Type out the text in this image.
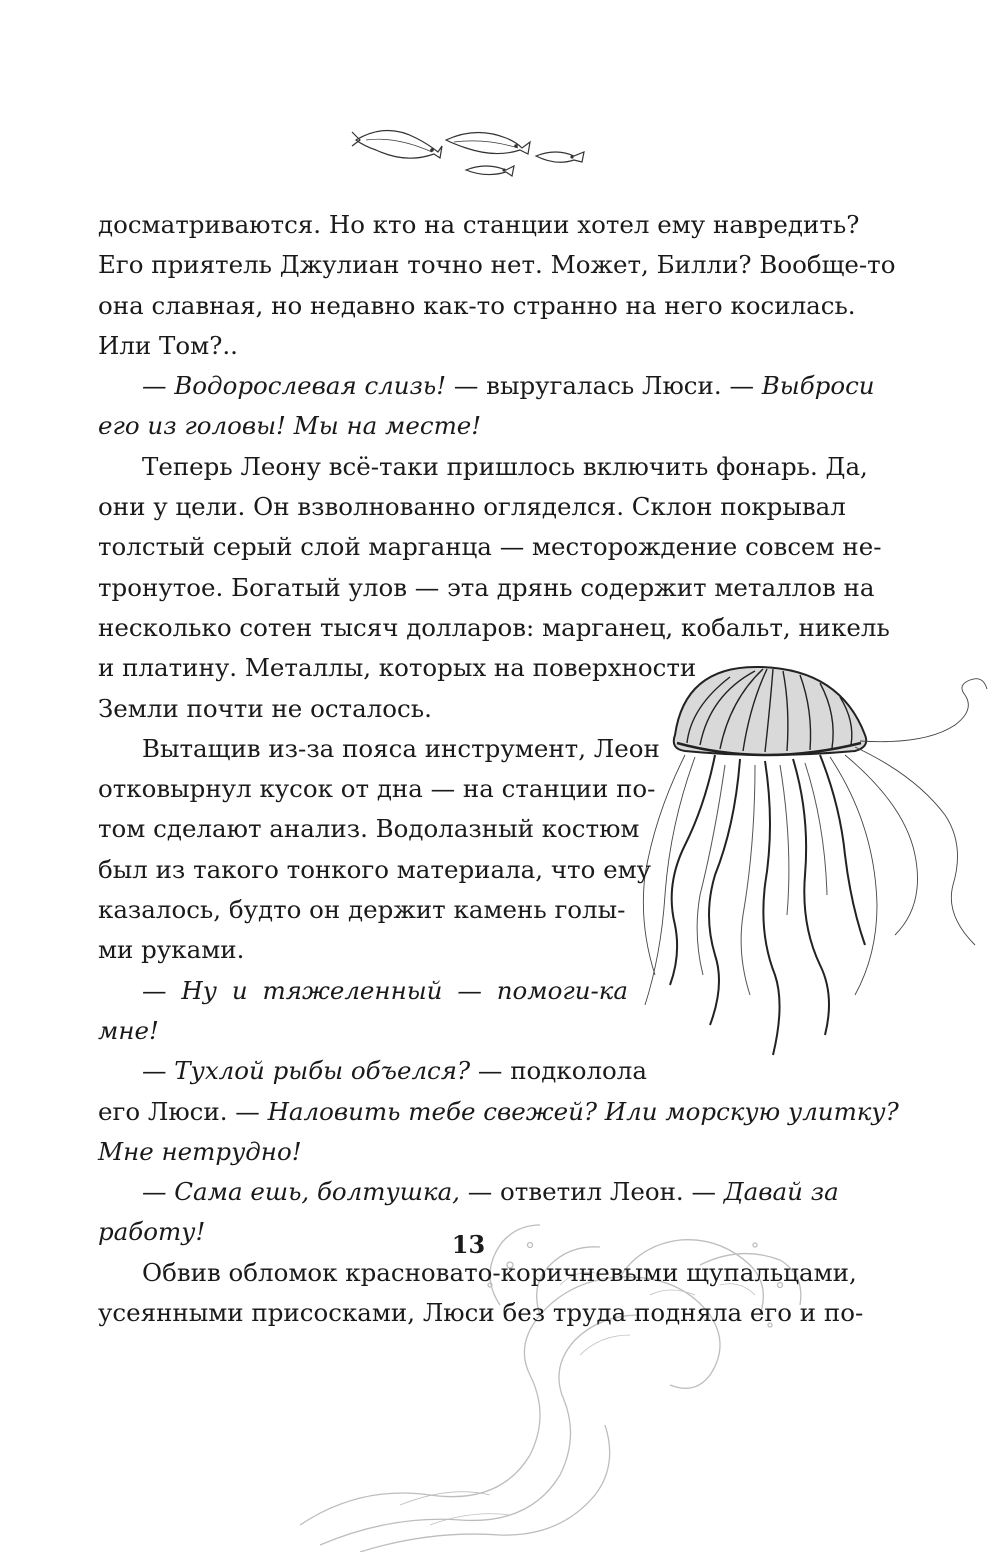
досматриваются. Но кто на станции хотел ему навредить?
Его приятель Джулиан точно нет. Может, Билли? Вообще-то
она славная, но недавно как-то странно на него косилась.
Или Том?..
— Водорослевая слизь! — выругалась Люси. — Выброси
его из головы! Мы на месте!
Теперь Леону всё-таки пришлось включить фонарь. Да,
они у цели. Он взволнованно огляделся. Склон покрывал
толстый серый слой марганца — месторождение совсем не-
тронутое. Богатый улов — эта дрянь содержит металлов на
несколько сотен тысяч долларов: марганец, кобальт, никель
и платину. Металлы, которых на поверхности
Земли почти не осталось.
Вытащив из-за пояса инструмент, Леон
отковырнул кусок от дна — на станции по-
том сделают анализ. Водолазный костюм
был из такого тонкого материала, что ему
казалось, будто он держит камень голы-
ми руками.
— Ну и тяжеленный — помоги-ка
мне!
— Тухлой рыбы объелся? — подколола
его Люси. — Наловить тебе свежей? Или морскую улитку?
Мне нетрудно!
— Сама ешь, болтушка, — ответил Леон. — Давай за
работу!
Обвив обломок красновато-коричневыми щупальцами,
усеянными присосками, Люси без труда подняла его и по-
13
